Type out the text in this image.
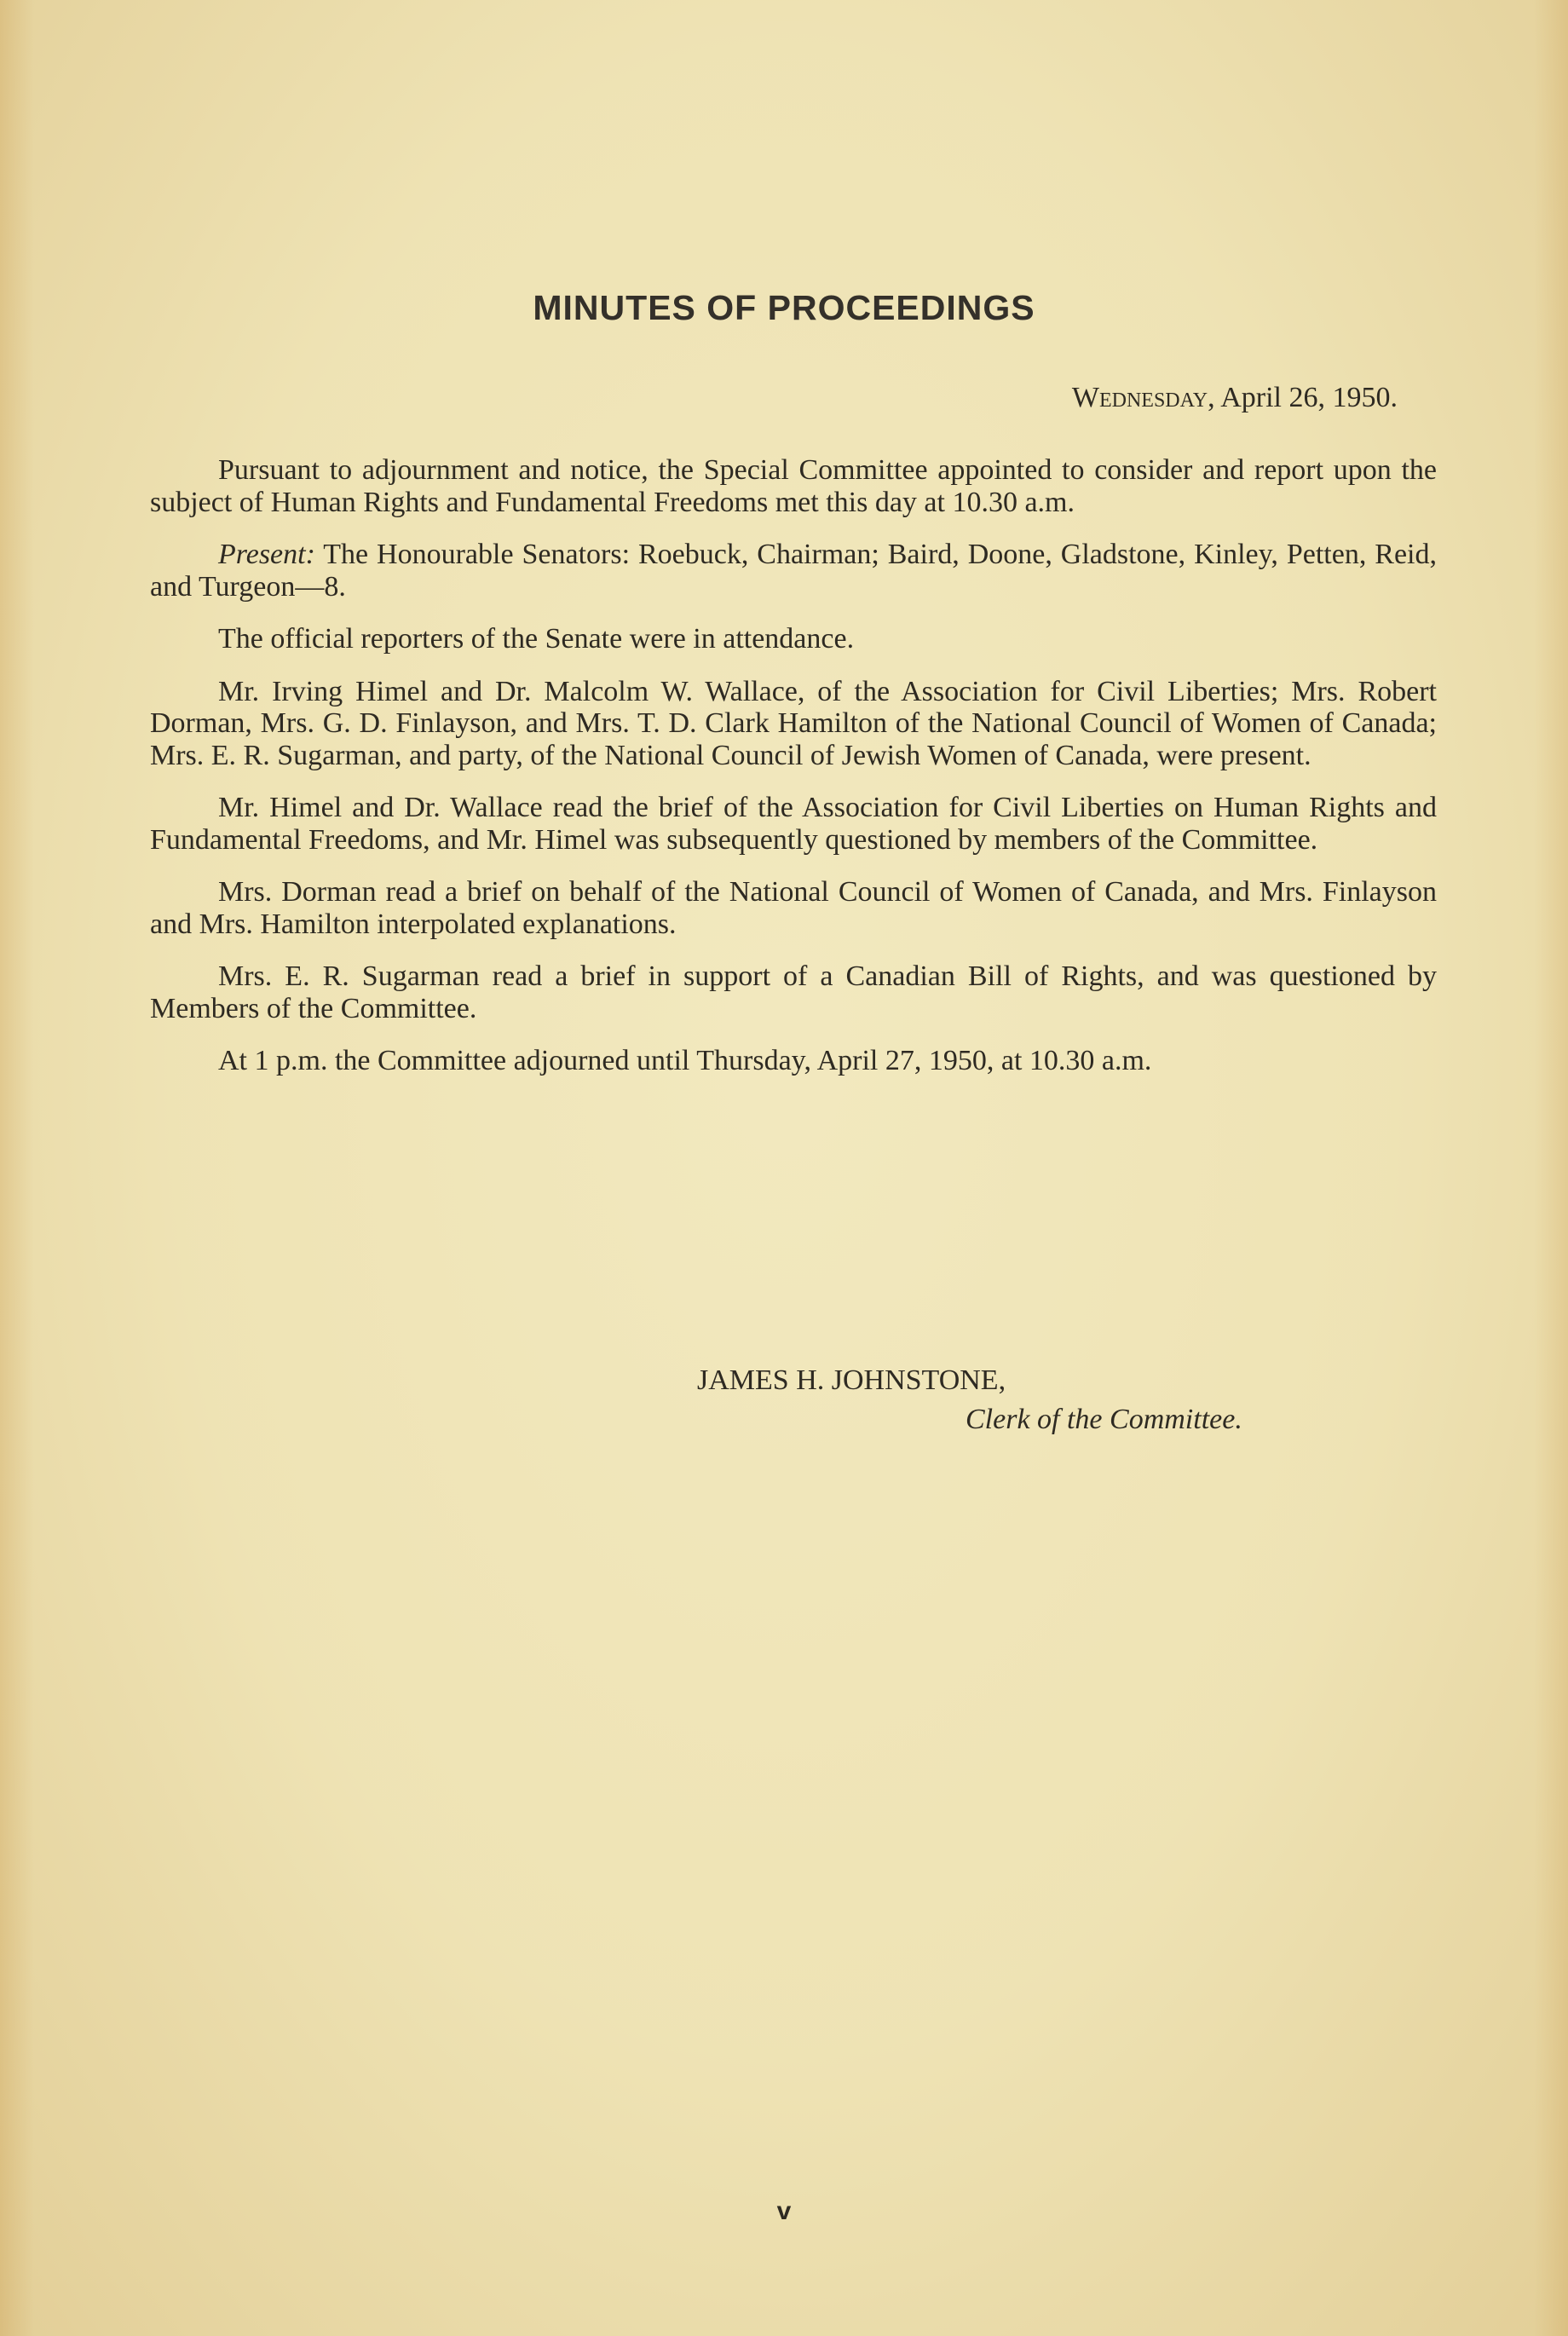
MINUTES OF PROCEEDINGS
Wednesday, April 26, 1950.

Pursuant to adjournment and notice, the Special Committee appointed to consider and report upon the subject of Human Rights and Fundamental Freedoms met this day at 10.30 a.m.

Present: The Honourable Senators: Roebuck, Chairman; Baird, Doone, Gladstone, Kinley, Petten, Reid, and Turgeon—8.

The official reporters of the Senate were in attendance.

Mr. Irving Himel and Dr. Malcolm W. Wallace, of the Association for Civil Liberties; Mrs. Robert Dorman, Mrs. G. D. Finlayson, and Mrs. T. D. Clark Hamilton of the National Council of Women of Canada; Mrs. E. R. Sugarman, and party, of the National Council of Jewish Women of Canada, were present.

Mr. Himel and Dr. Wallace read the brief of the Association for Civil Liberties on Human Rights and Fundamental Freedoms, and Mr. Himel was subsequently questioned by members of the Committee.

Mrs. Dorman read a brief on behalf of the National Council of Women of Canada, and Mrs. Finlayson and Mrs. Hamilton interpolated explanations.

Mrs. E. R. Sugarman read a brief in support of a Canadian Bill of Rights, and was questioned by Members of the Committee.

At 1 p.m. the Committee adjourned until Thursday, April 27, 1950, at 10.30 a.m.

JAMES H. JOHNSTONE,
Clerk of the Committee.
v
